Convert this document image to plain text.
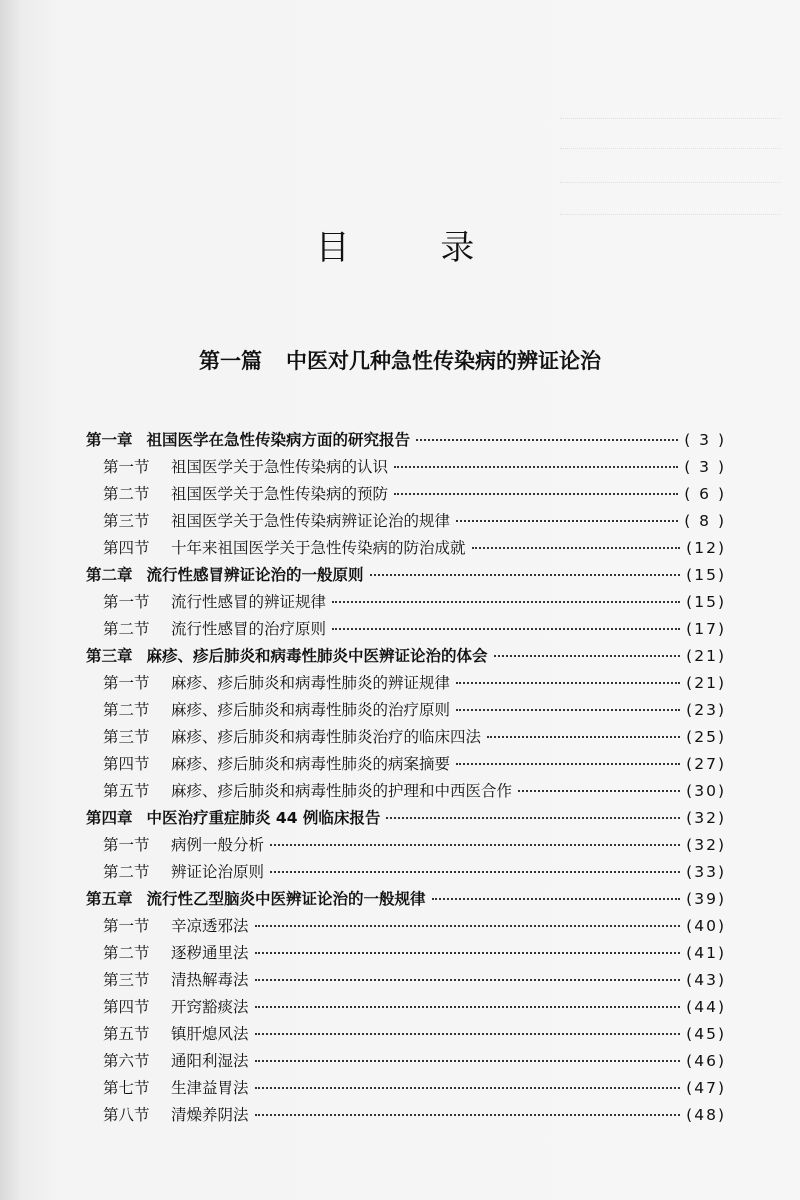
目 录
第一篇 中医对几种急性传染病的辨证论治
第一章 祖国医学在急性传染病方面的研究报告	( 3 )
第一节	祖国医学关于急性传染病的认识	( 3 )
第二节	祖国医学关于急性传染病的预防	( 6 )
第三节	祖国医学关于急性传染病辨证论治的规律	( 8 )
第四节	十年来祖国医学关于急性传染病的防治成就	(12)
第二章 流行性感冒辨证论治的一般原则	(15)
第一节	流行性感冒的辨证规律	(15)
第二节	流行性感冒的治疗原则	(17)
第三章 麻疹、疹后肺炎和病毒性肺炎中医辨证论治的体会	(21)
第一节	麻疹、疹后肺炎和病毒性肺炎的辨证规律	(21)
第二节	麻疹、疹后肺炎和病毒性肺炎的治疗原则	(23)
第三节	麻疹、疹后肺炎和病毒性肺炎治疗的临床四法	(25)
第四节	麻疹、疹后肺炎和病毒性肺炎的病案摘要	(27)
第五节	麻疹、疹后肺炎和病毒性肺炎的护理和中西医合作	(30)
第四章 中医治疗重症肺炎 44 例临床报告	(32)
第一节	病例一般分析	(32)
第二节	辨证论治原则	(33)
第五章 流行性乙型脑炎中医辨证论治的一般规律	(39)
第一节	辛凉透邪法	(40)
第二节	逐秽通里法	(41)
第三节	清热解毒法	(43)
第四节	开窍豁痰法	(44)
第五节	镇肝熄风法	(45)
第六节	通阳利湿法	(46)
第七节	生津益胃法	(47)
第八节	清燥养阴法	(48)
